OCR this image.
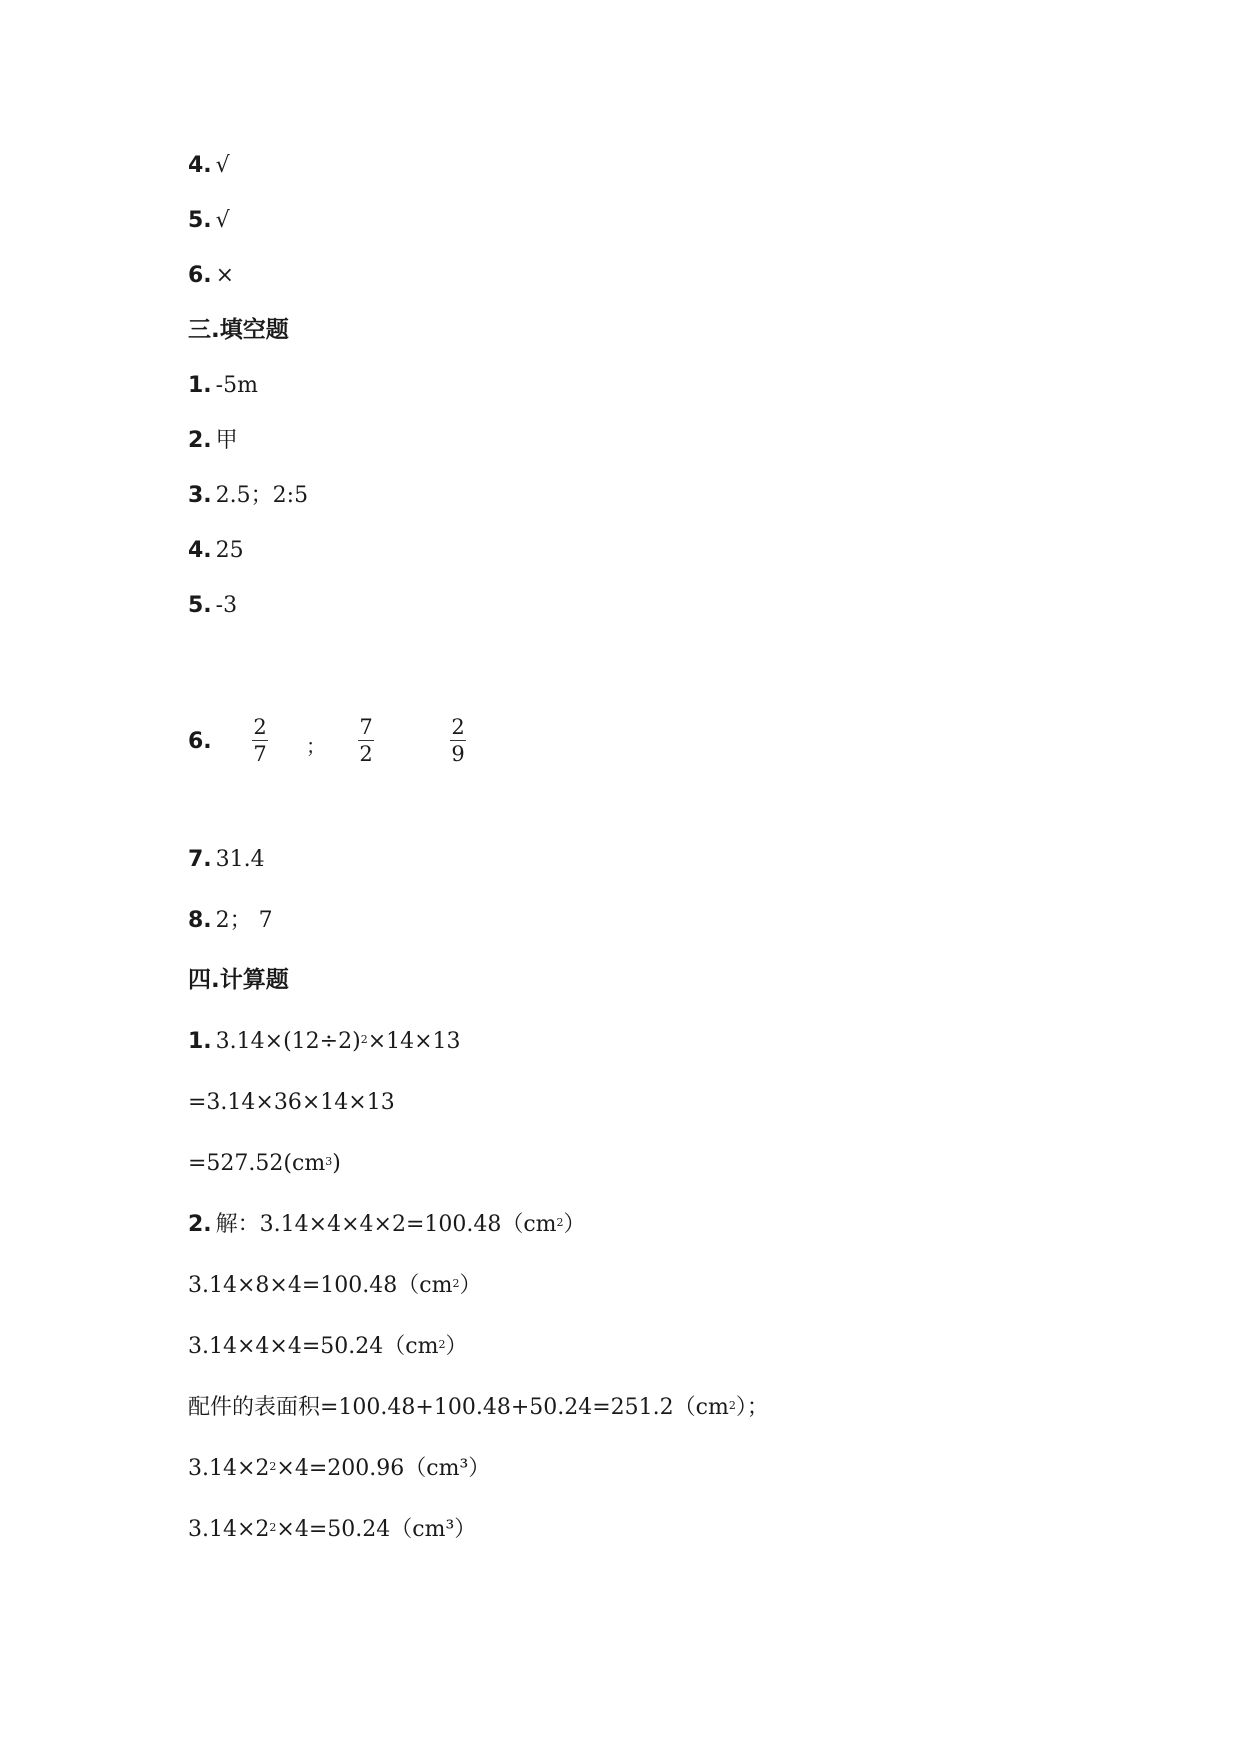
4. √
5. √
6. ×
三.填空题
1. -5m
2. 甲
3. 2.5；2:5
4. 25
5. -3
6.
2
7 ；
7
2
2
9
7. 31.4
8. 2； 7
四.计算题
1. $3.14\times(12\div 2)^2\times 14\times 13$
=3.14×36×14×13
$=527.52(cm^3)$
2. 解：$3.14\times 4\times 4\times 2=100.48(cm^2)$
$3.14\times 8\times 4=100.48(cm^2)$
$3.14\times 4\times 4=50.24(cm^2)$
配件的表面积$=100.48+100.48+50.24=251.2(cm^2)$；
$3.14\times 2^2\times 4=200.96(cm^3)$
$3.14\times 2^2\times 4=50.24(cm^3)$
